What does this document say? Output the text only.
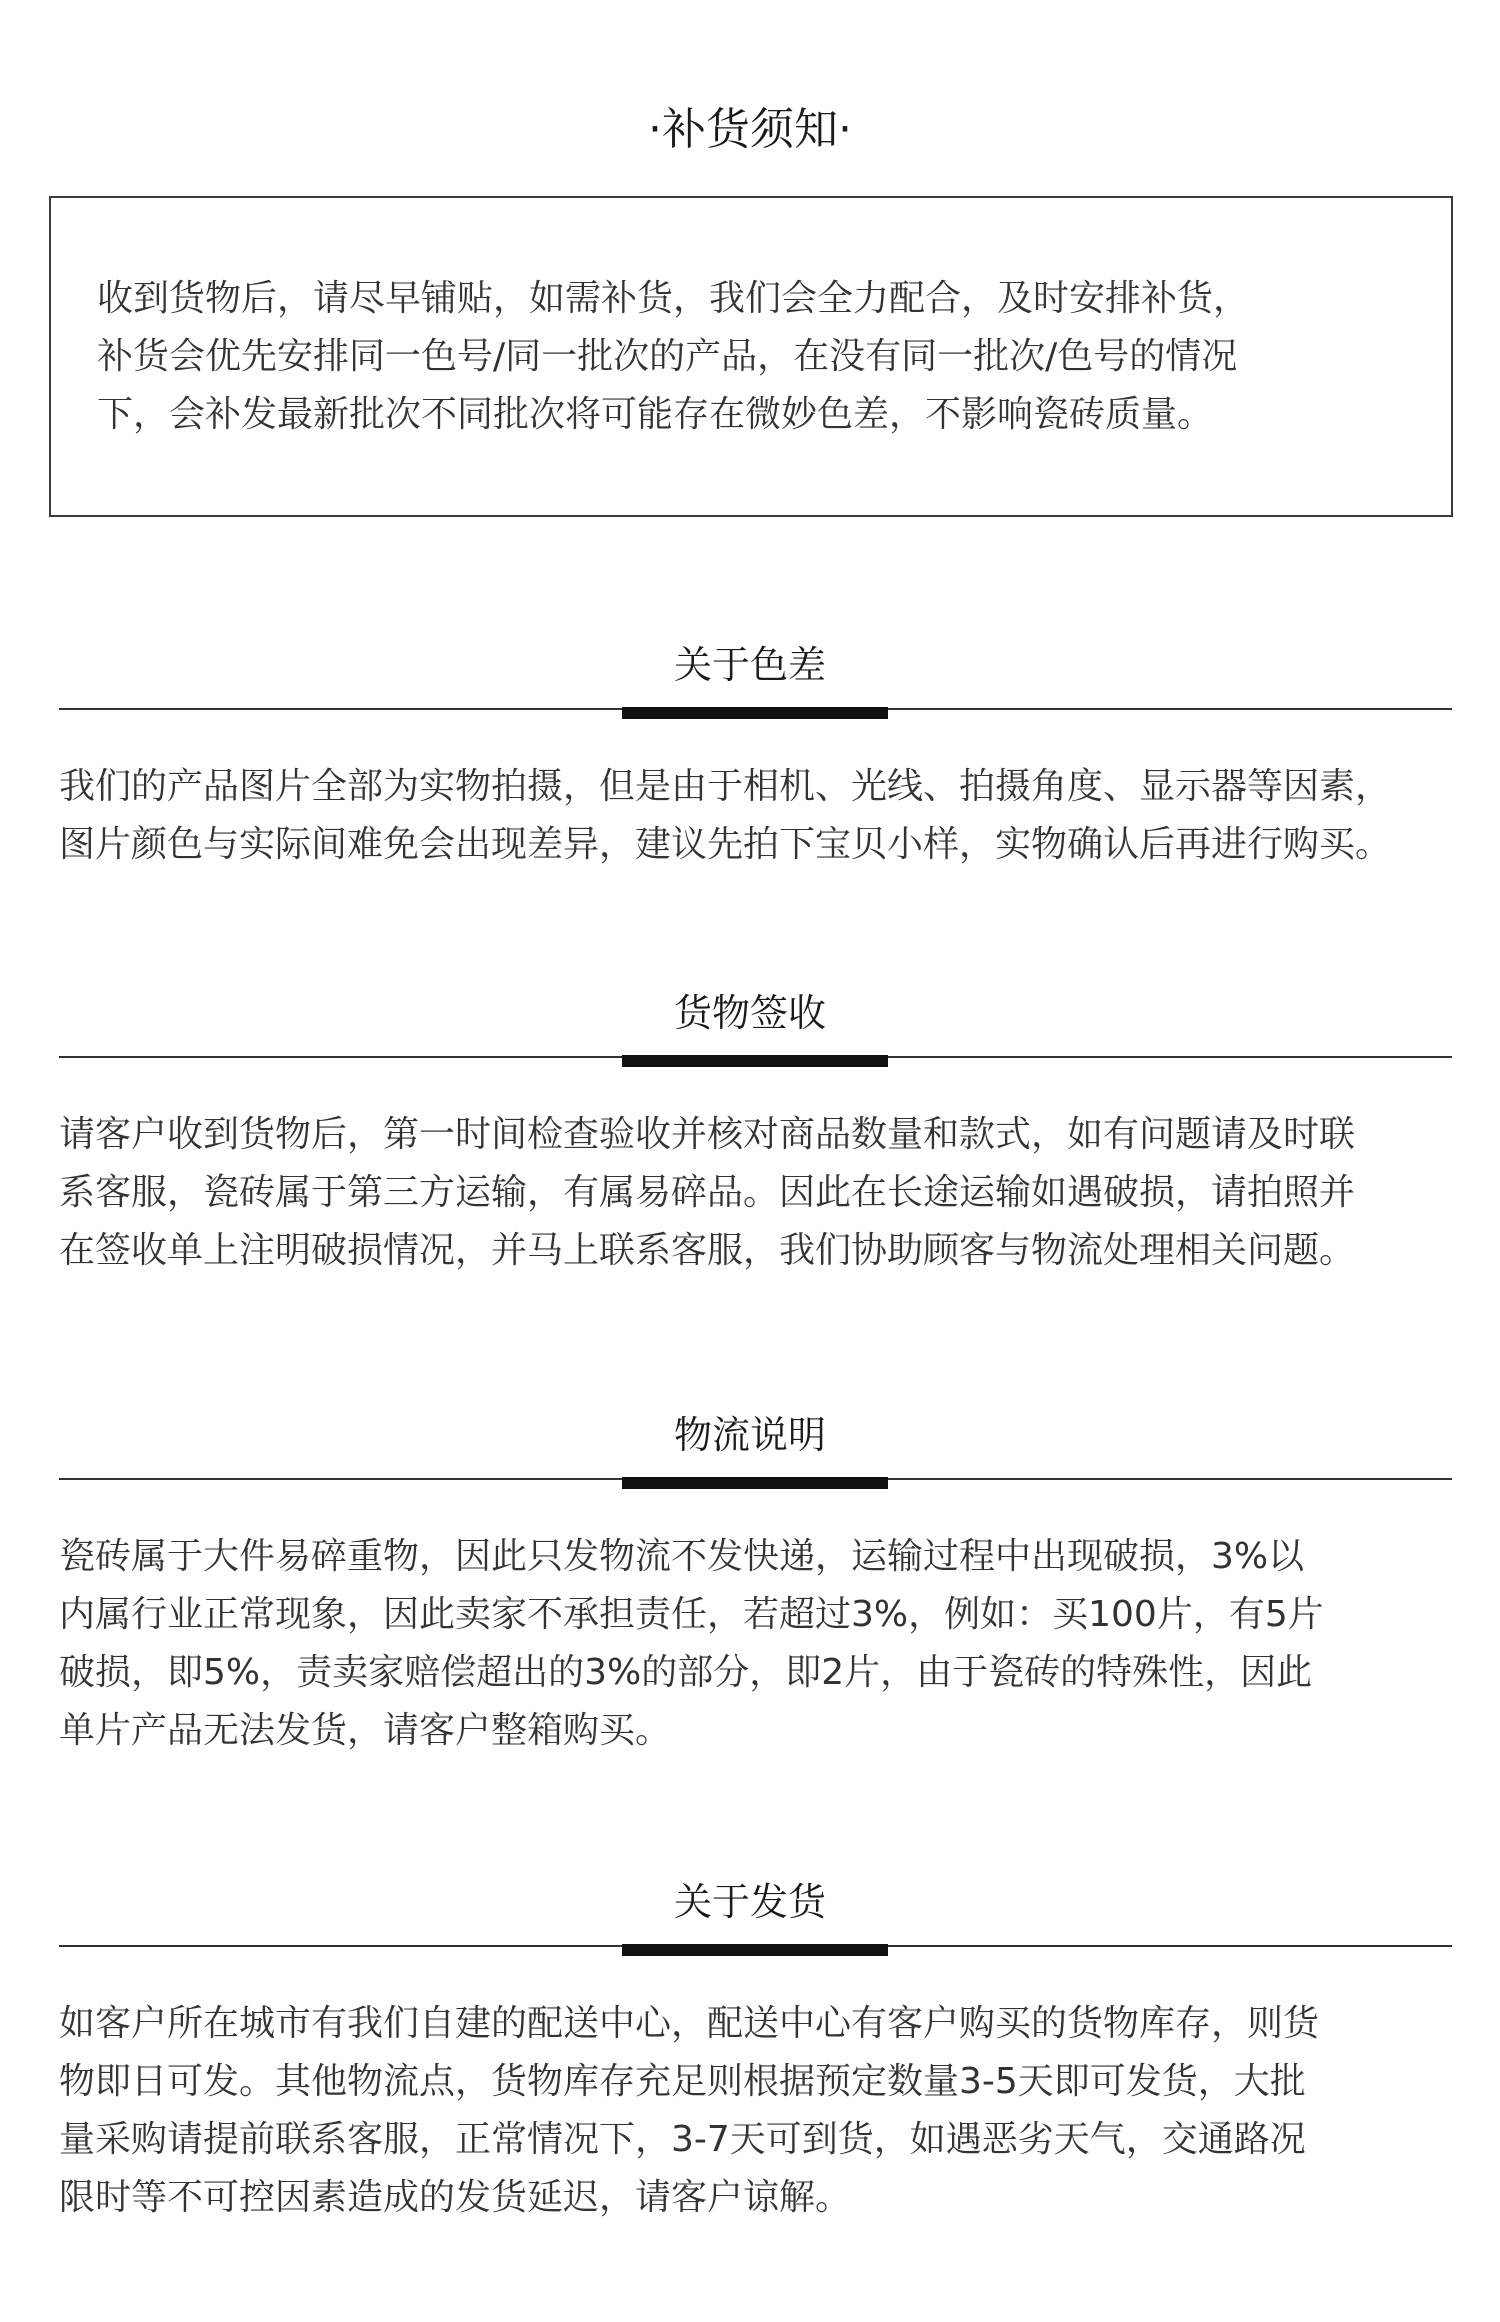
·补货须知·
收到货物后，请尽早铺贴，如需补货，我们会全力配合，及时安排补货，
补货会优先安排同一色号/同一批次的产品，在没有同一批次/色号的情况
下，会补发最新批次不同批次将可能存在微妙色差，不影响瓷砖质量。
关于色差
我们的产品图片全部为实物拍摄，但是由于相机、光线、拍摄角度、显示器等因素，
图片颜色与实际间难免会出现差异，建议先拍下宝贝小样，实物确认后再进行购买。
货物签收
请客户收到货物后，第一时间检查验收并核对商品数量和款式，如有问题请及时联
系客服，瓷砖属于第三方运输，有属易碎品。因此在长途运输如遇破损，请拍照并
在签收单上注明破损情况，并马上联系客服，我们协助顾客与物流处理相关问题。
物流说明
瓷砖属于大件易碎重物，因此只发物流不发快递，运输过程中出现破损，3%以
内属行业正常现象，因此卖家不承担责任，若超过3%，例如：买100片，有5片
破损，即5%，责卖家赔偿超出的3%的部分，即2片，由于瓷砖的特殊性，因此
单片产品无法发货，请客户整箱购买。
关于发货
如客户所在城市有我们自建的配送中心，配送中心有客户购买的货物库存，则货
物即日可发。其他物流点，货物库存充足则根据预定数量3-5天即可发货，大批
量采购请提前联系客服，正常情况下，3-7天可到货，如遇恶劣天气，交通路况
限时等不可控因素造成的发货延迟，请客户谅解。
